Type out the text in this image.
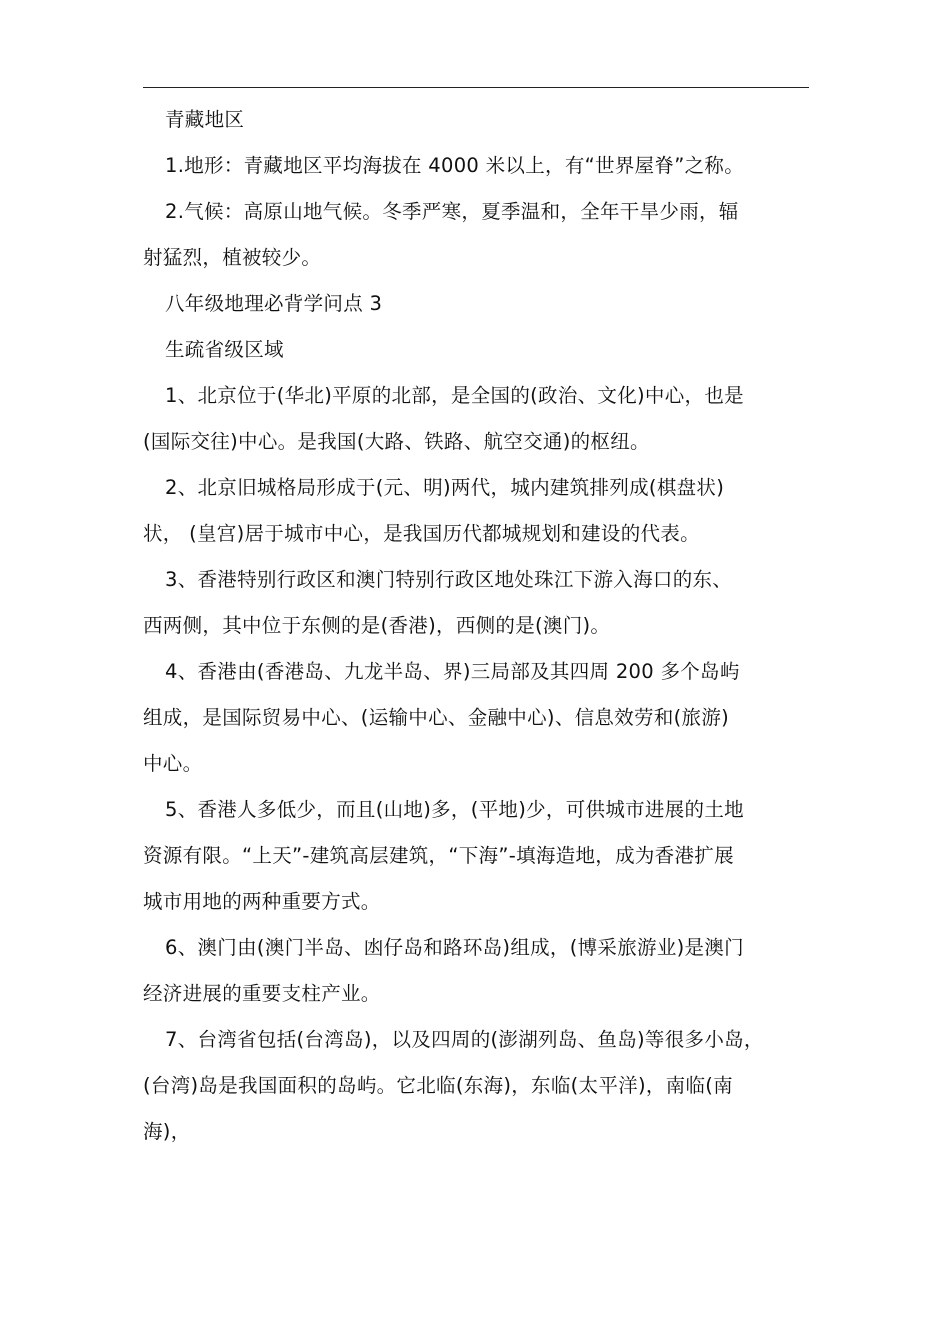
青藏地区
1.地形：青藏地区平均海拔在 4000 米以上，有“世界屋脊”之称。
2.气候：高原山地气候。冬季严寒，夏季温和，全年干旱少雨，辐
射猛烈，植被较少。
八年级地理必背学问点 3
生疏省级区域
1、北京位于(华北)平原的北部，是全国的(政治、文化)中心，也是
(国际交往)中心。是我国(大路、铁路、航空交通)的枢纽。
2、北京旧城格局形成于(元、明)两代，城内建筑排列成(棋盘状)
状， (皇宫)居于城市中心，是我国历代都城规划和建设的代表。
3、香港特别行政区和澳门特别行政区地处珠江下游入海口的东、
西两侧，其中位于东侧的是(香港)，西侧的是(澳门)。
4、香港由(香港岛、九龙半岛、界)三局部及其四周 200 多个岛屿
组成，是国际贸易中心、(运输中心、金融中心)、信息效劳和(旅游)
中心。
5、香港人多低少，而且(山地)多，(平地)少，可供城市进展的土地
资源有限。“上天”-建筑高层建筑，“下海”-填海造地，成为香港扩展
城市用地的两种重要方式。
6、澳门由(澳门半岛、凼仔岛和路环岛)组成，(博采旅游业)是澳门
经济进展的重要支柱产业。
7、台湾省包括(台湾岛)，以及四周的(澎湖列岛、鱼岛)等很多小岛，
(台湾)岛是我国面积的岛屿。它北临(东海)，东临(太平洋)，南临(南
海)，
